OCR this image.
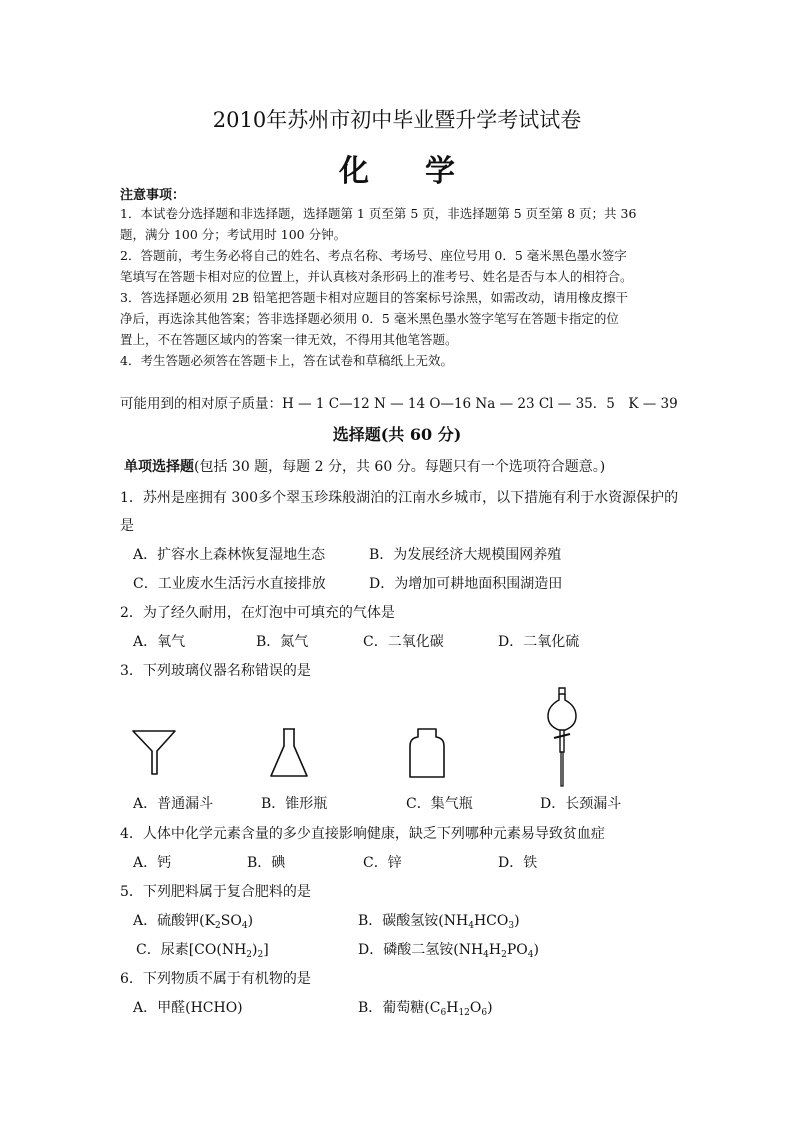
2010年苏州市初中毕业暨升学考试试卷
化 学
注意事项：
1．本试卷分选择题和非选择题，选择题第 1 页至第 5 页，非选择题第 5 页至第 8 页；共 36
题，满分 100 分；考试用时 100 分钟。
2．答题前，考生务必将自己的姓名、考点名称、考场号、座位号用 0．5 毫米黑色墨水签字
笔填写在答题卡相对应的位置上，并认真核对条形码上的准考号、姓名是否与本人的相符合。
3．答选择题必须用 2B 铅笔把答题卡相对应题目的答案标号涂黑，如需改动，请用橡皮擦干
净后，再选涂其他答案；答非选择题必须用 0．5 毫米黑色墨水签字笔写在答题卡指定的位
置上，不在答题区域内的答案一律无效，不得用其他笔答题。
4．考生答题必须答在答题卡上，答在试卷和草稿纸上无效。
可能用到的相对原子质量：H — 1 C—12 N — 14 O—16 Na — 23 Cl — 35．5　K — 39
选择题(共 60 分)
单项选择题(包括 30 题，每题 2 分，共 60 分。每题只有一个选项符合题意。)
1．苏州是座拥有 300多个翠玉珍珠般湖泊的江南水乡城市，以下措施有利于水资源保护的
是
A．扩容水上森林恢复湿地生态	B．为发展经济大规模围网养殖
C．工业废水生活污水直接排放	D．为增加可耕地面积围湖造田
2．为了经久耐用，在灯泡中可填充的气体是
A．氧气	B．氮气	C．二氧化碳	D．二氧化硫
3．下列玻璃仪器名称错误的是
A．普通漏斗	B．锥形瓶	C．集气瓶	D．长颈漏斗
4．人体中化学元素含量的多少直接影响健康，缺乏下列哪种元素易导致贫血症
A．钙	B．碘	C．锌	D．铁
5．下列肥料属于复合肥料的是
A．硫酸钾$(K_2SO_4)$	B．碳酸氢铵$(NH_4HCO_3)$
C．尿素$[CO(NH_2)_2]$	D．磷酸二氢铵$(NH_4H_2PO_4)$
6．下列物质不属于有机物的是
A．甲醛(HCHO)	B．葡萄糖$(C_6H_{12}O_6)$
